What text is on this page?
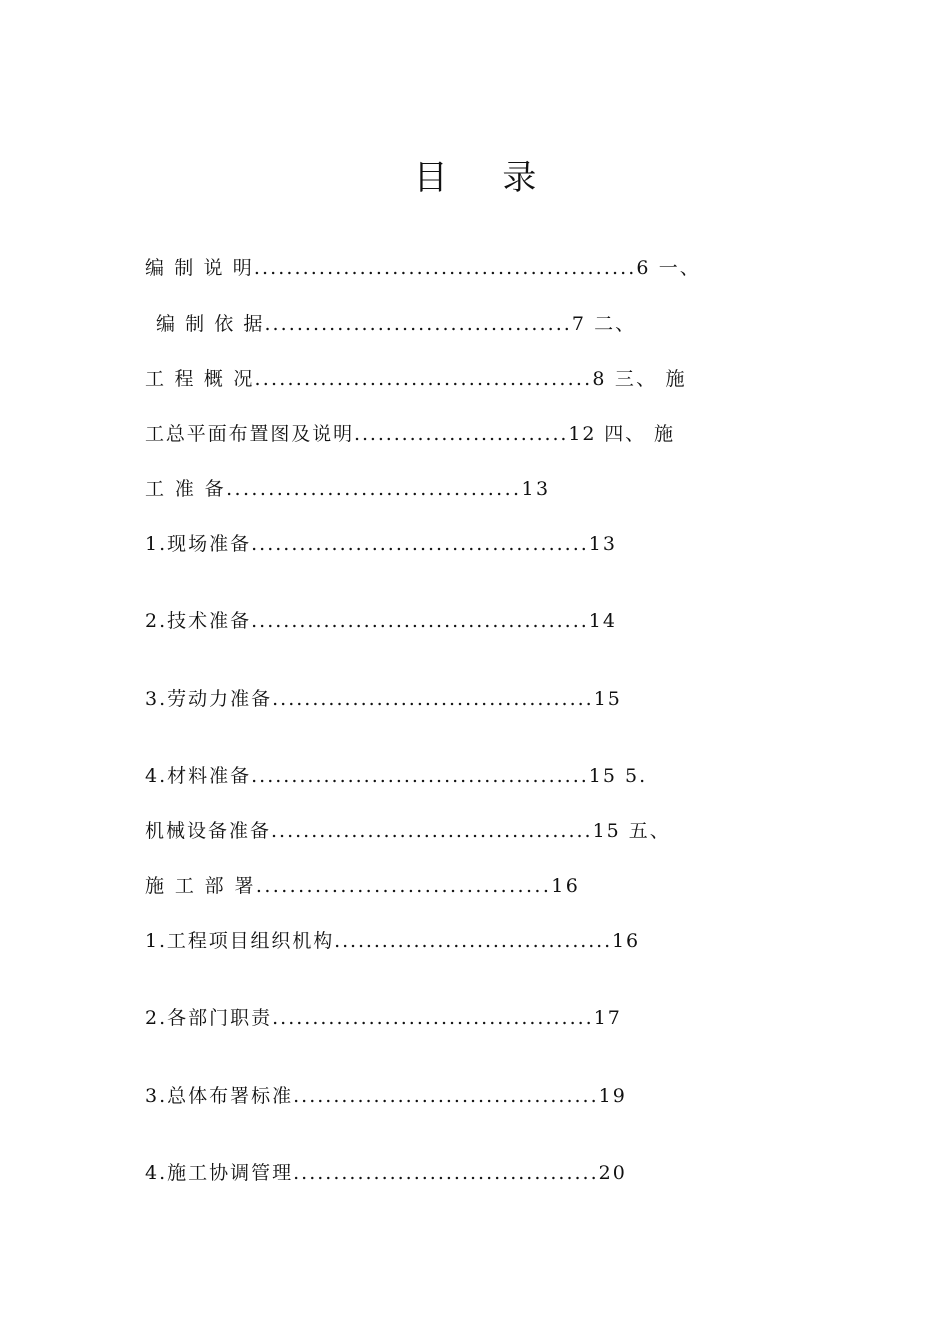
目 录
编 制 说 明...............................................6 一、
编 制 依 据......................................7 二、
工 程 概 况.........................................8 三、 施
工总平面布置图及说明...........................12 四、 施
工 准 备...................................13
1.现场准备..........................................13
2.技术准备..........................................14
3.劳动力准备........................................15
4.材料准备..........................................15 5.
机械设备准备........................................15 五、
施 工 部 署...................................16
1.工程项目组织机构...................................16
2.各部门职责........................................17
3.总体布署标准......................................19
4.施工协调管理......................................20
